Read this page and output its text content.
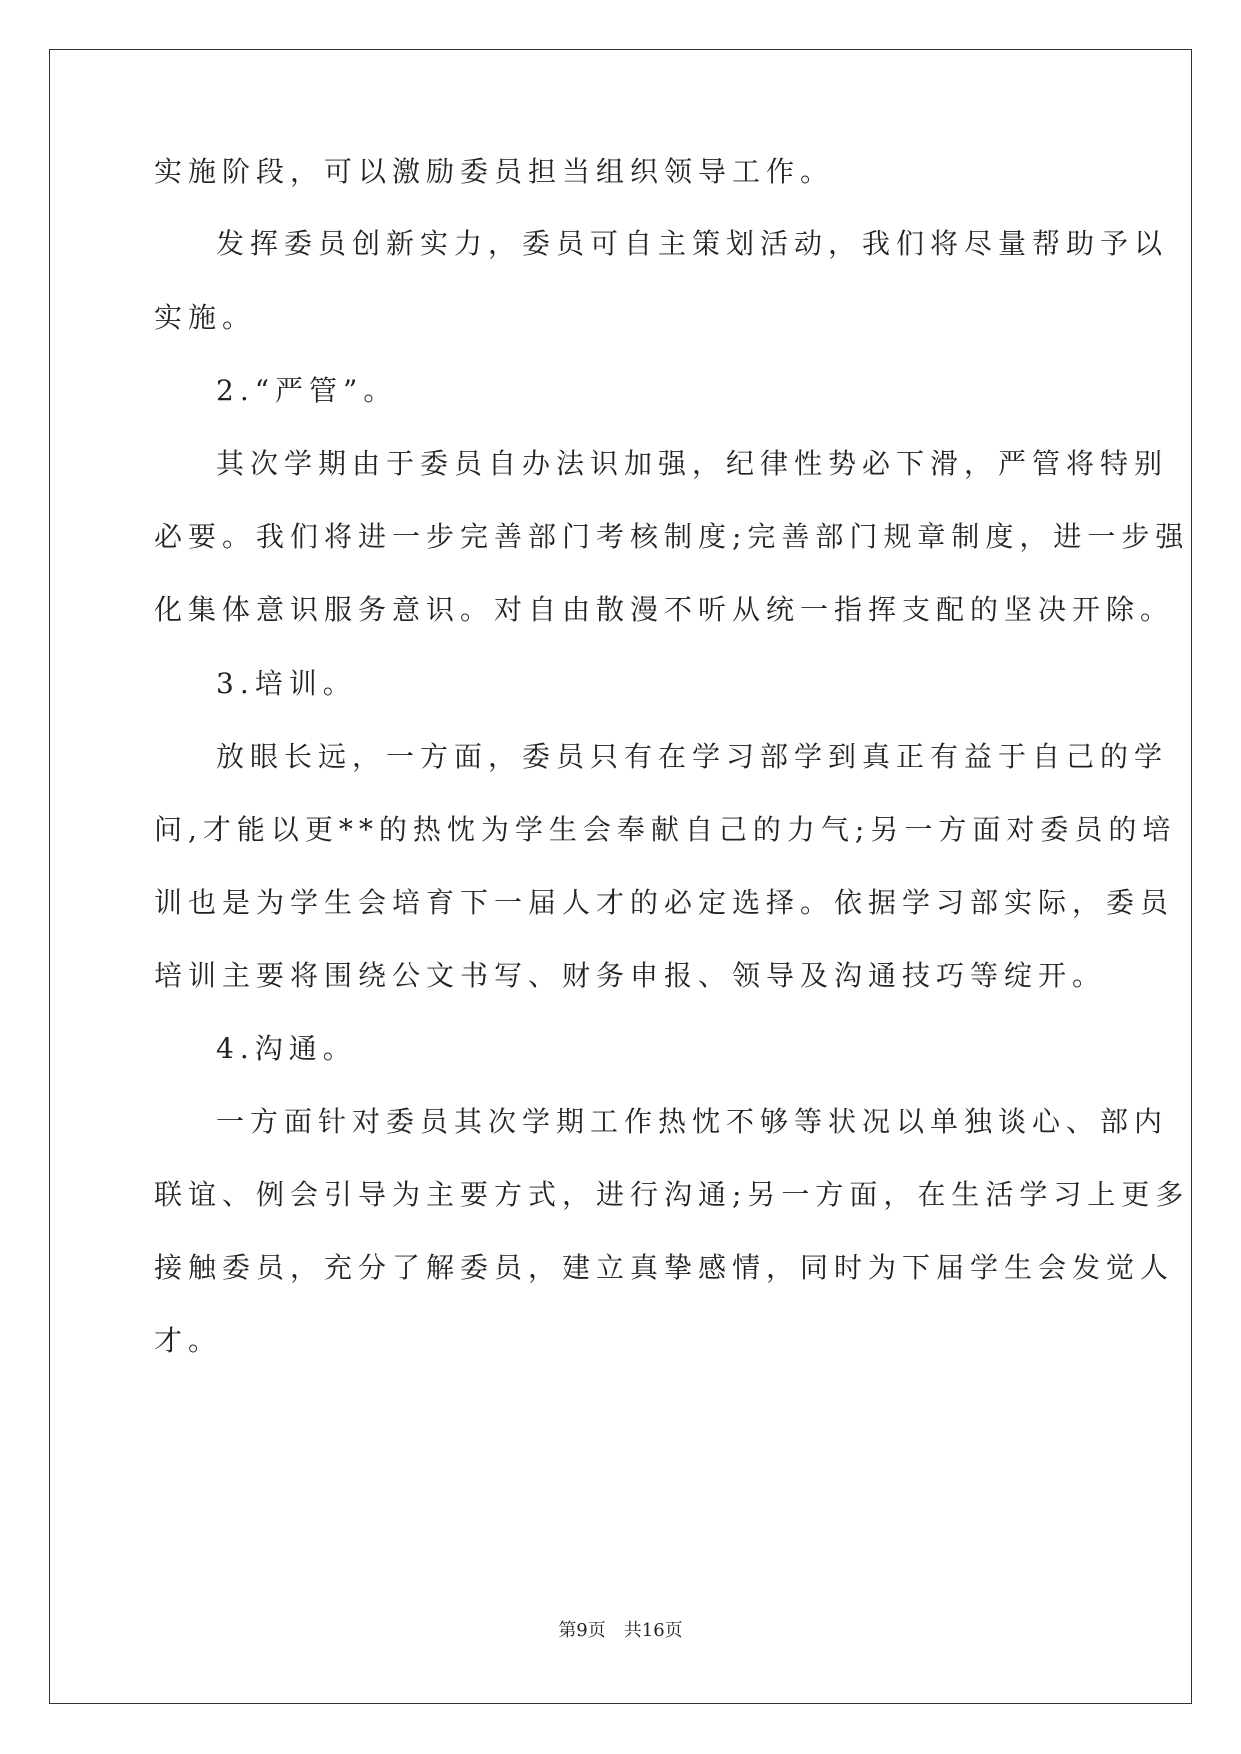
实施阶段，可以激励委员担当组织领导工作。
发挥委员创新实力，委员可自主策划活动，我们将尽量帮助予以
实施。
2.“严管”。
其次学期由于委员自办法识加强，纪律性势必下滑，严管将特别
必要。我们将进一步完善部门考核制度;完善部门规章制度，进一步强
化集体意识服务意识。对自由散漫不听从统一指挥支配的坚决开除。
3.培训。
放眼长远，一方面，委员只有在学习部学到真正有益于自己的学
问,才能以更**的热忱为学生会奉献自己的力气;另一方面对委员的培
训也是为学生会培育下一届人才的必定选择。依据学习部实际，委员
培训主要将围绕公文书写、财务申报、领导及沟通技巧等绽开。
4.沟通。
一方面针对委员其次学期工作热忱不够等状况以单独谈心、部内
联谊、例会引导为主要方式，进行沟通;另一方面，在生活学习上更多
接触委员，充分了解委员，建立真挚感情，同时为下届学生会发觉人
才。
第9页　共16页
